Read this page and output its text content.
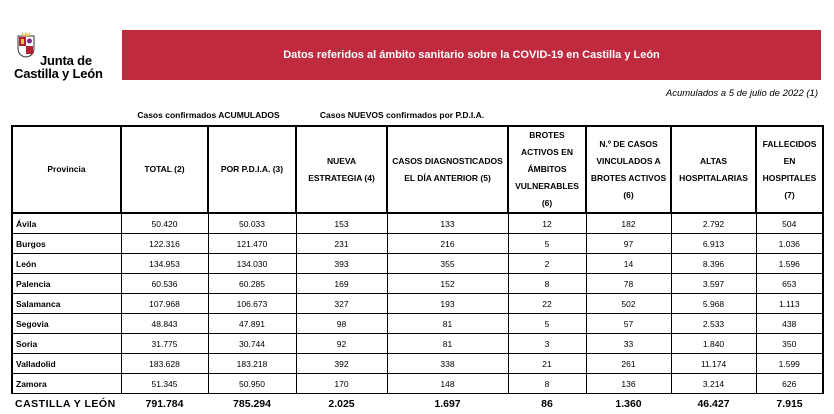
Junta de
Castilla y León
Datos referidos al ámbito sanitario sobre la COVID-19 en Castilla y León
Acumulados a 5 de julio de 2022 (1)
	Casos confirmados ACUMULADOS		Casos NUEVOS confirmados por P.D.I.A.					
Provincia	TOTAL (2)	POR P.D.I.A. (3)	NUEVA ESTRATEGIA (4)	CASOS DIAGNOSTICADOS EL DÍA ANTERIOR (5)	BROTES ACTIVOS EN ÁMBITOS VULNERABLES (6)	N.º DE CASOS VINCULADOS A BROTES ACTIVOS (6)	ALTAS HOSPITALARIAS	FALLECIDOS EN HOSPITALES (7)
Ávila	50.420	50.033	153	133	12	182	2.792	504
Burgos	122.316	121.470	231	216	5	97	6.913	1.036
León	134.953	134.030	393	355	2	14	8.396	1.596
Palencia	60.536	60.285	169	152	8	78	3.597	653
Salamanca	107.968	106.673	327	193	22	502	5.968	1.113
Segovia	48.843	47.891	98	81	5	57	2.533	438
Soria	31.775	30.744	92	81	3	33	1.840	350
Valladolid	183.628	183.218	392	338	21	261	11.174	1.599
Zamora	51.345	50.950	170	148	8	136	3.214	626
CASTILLA Y LEÓN	791.784	785.294	2.025	1.697	86	1.360	46.427	7.915
